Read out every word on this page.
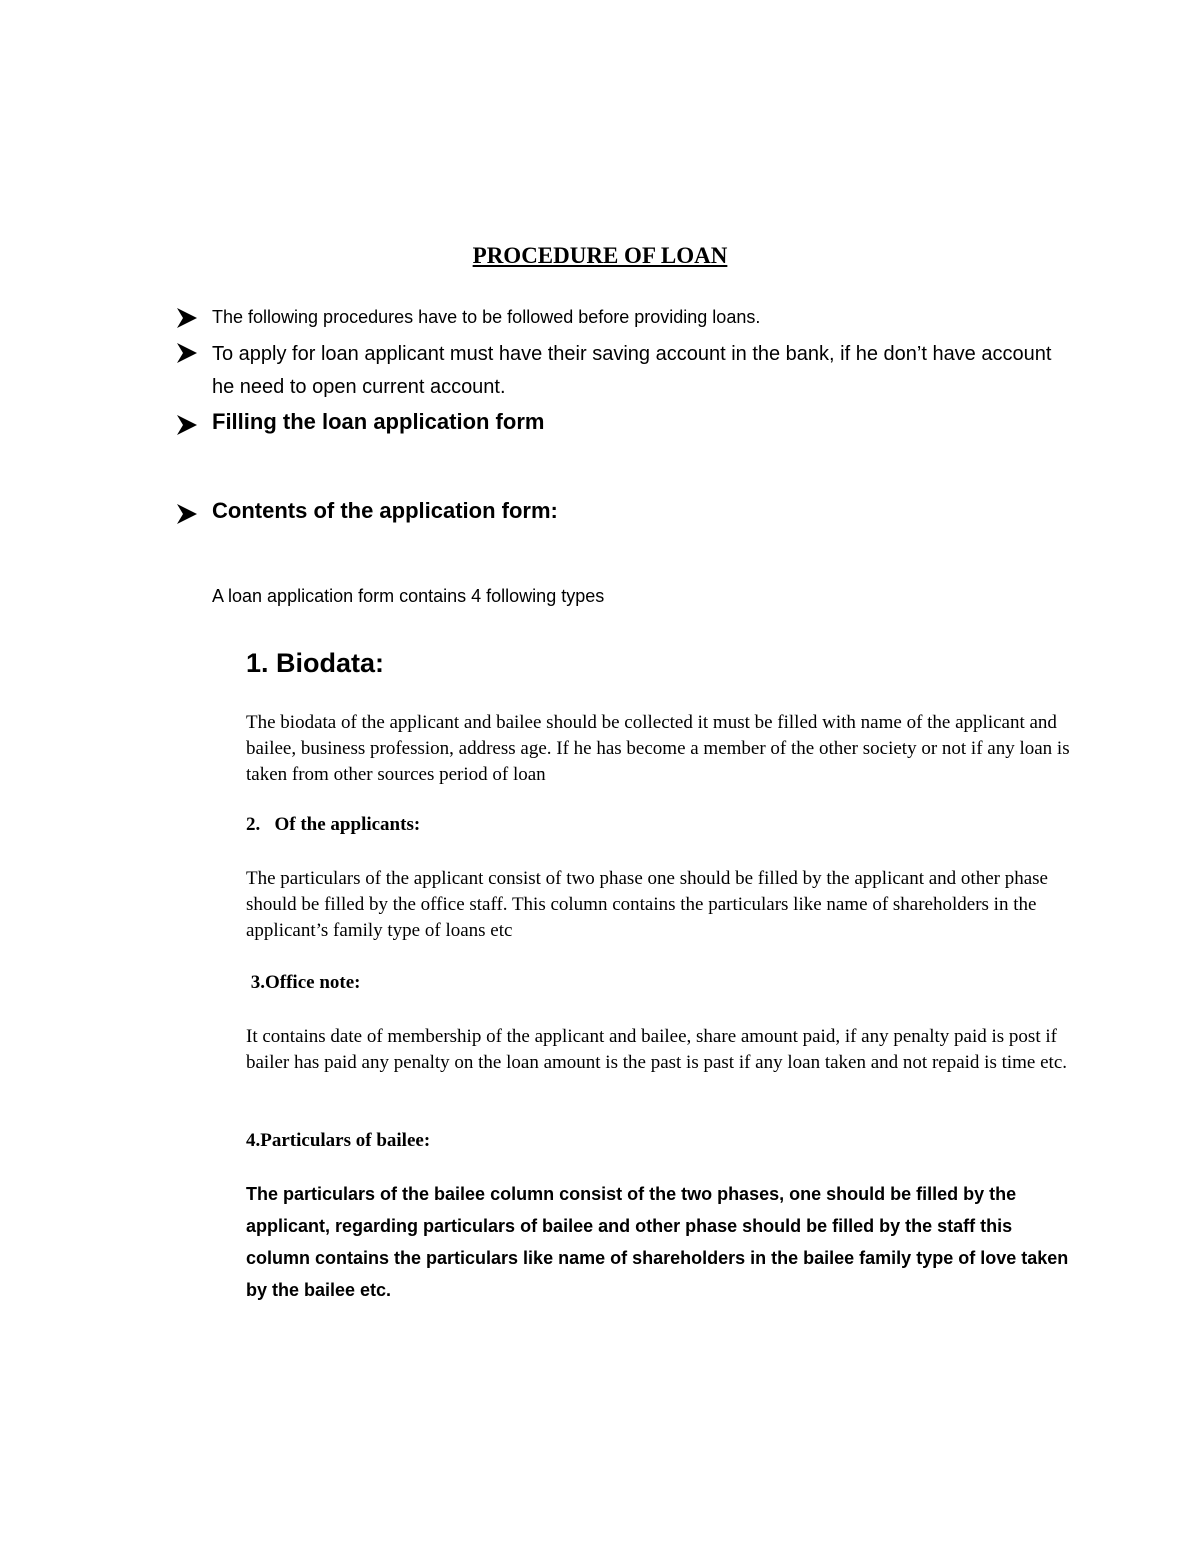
PROCEDURE OF LOAN
The following procedures have to be followed before providing loans.
To apply for loan applicant must have their saving account in the bank, if he don’t have account he need to open current account.
Filling the loan application form
Contents of the application form:
A loan application form contains 4 following types
1. Biodata:
The biodata of the applicant and bailee should be collected it must be filled with name of the applicant and bailee, business profession, address age. If he has become a member of the other society or not if any loan is taken from other sources period of loan
2.   Of the applicants:
The particulars of the applicant consist of two phase one should be filled by the applicant and other phase should be filled by the office staff. This column contains the particulars like name of shareholders in the applicant’s family type of loans etc
3.Office note:
It contains date of membership of the applicant and bailee, share amount paid, if any penalty paid is post if bailer has paid any penalty on the loan amount is the past is past if any loan taken and not repaid is time etc.
4.Particulars of bailee:
The particulars of the bailee column consist of the two phases, one should be filled by the applicant, regarding particulars of bailee and other phase should be filled by the staff this column contains the particulars like name of shareholders in the bailee family type of love taken by the bailee etc.
